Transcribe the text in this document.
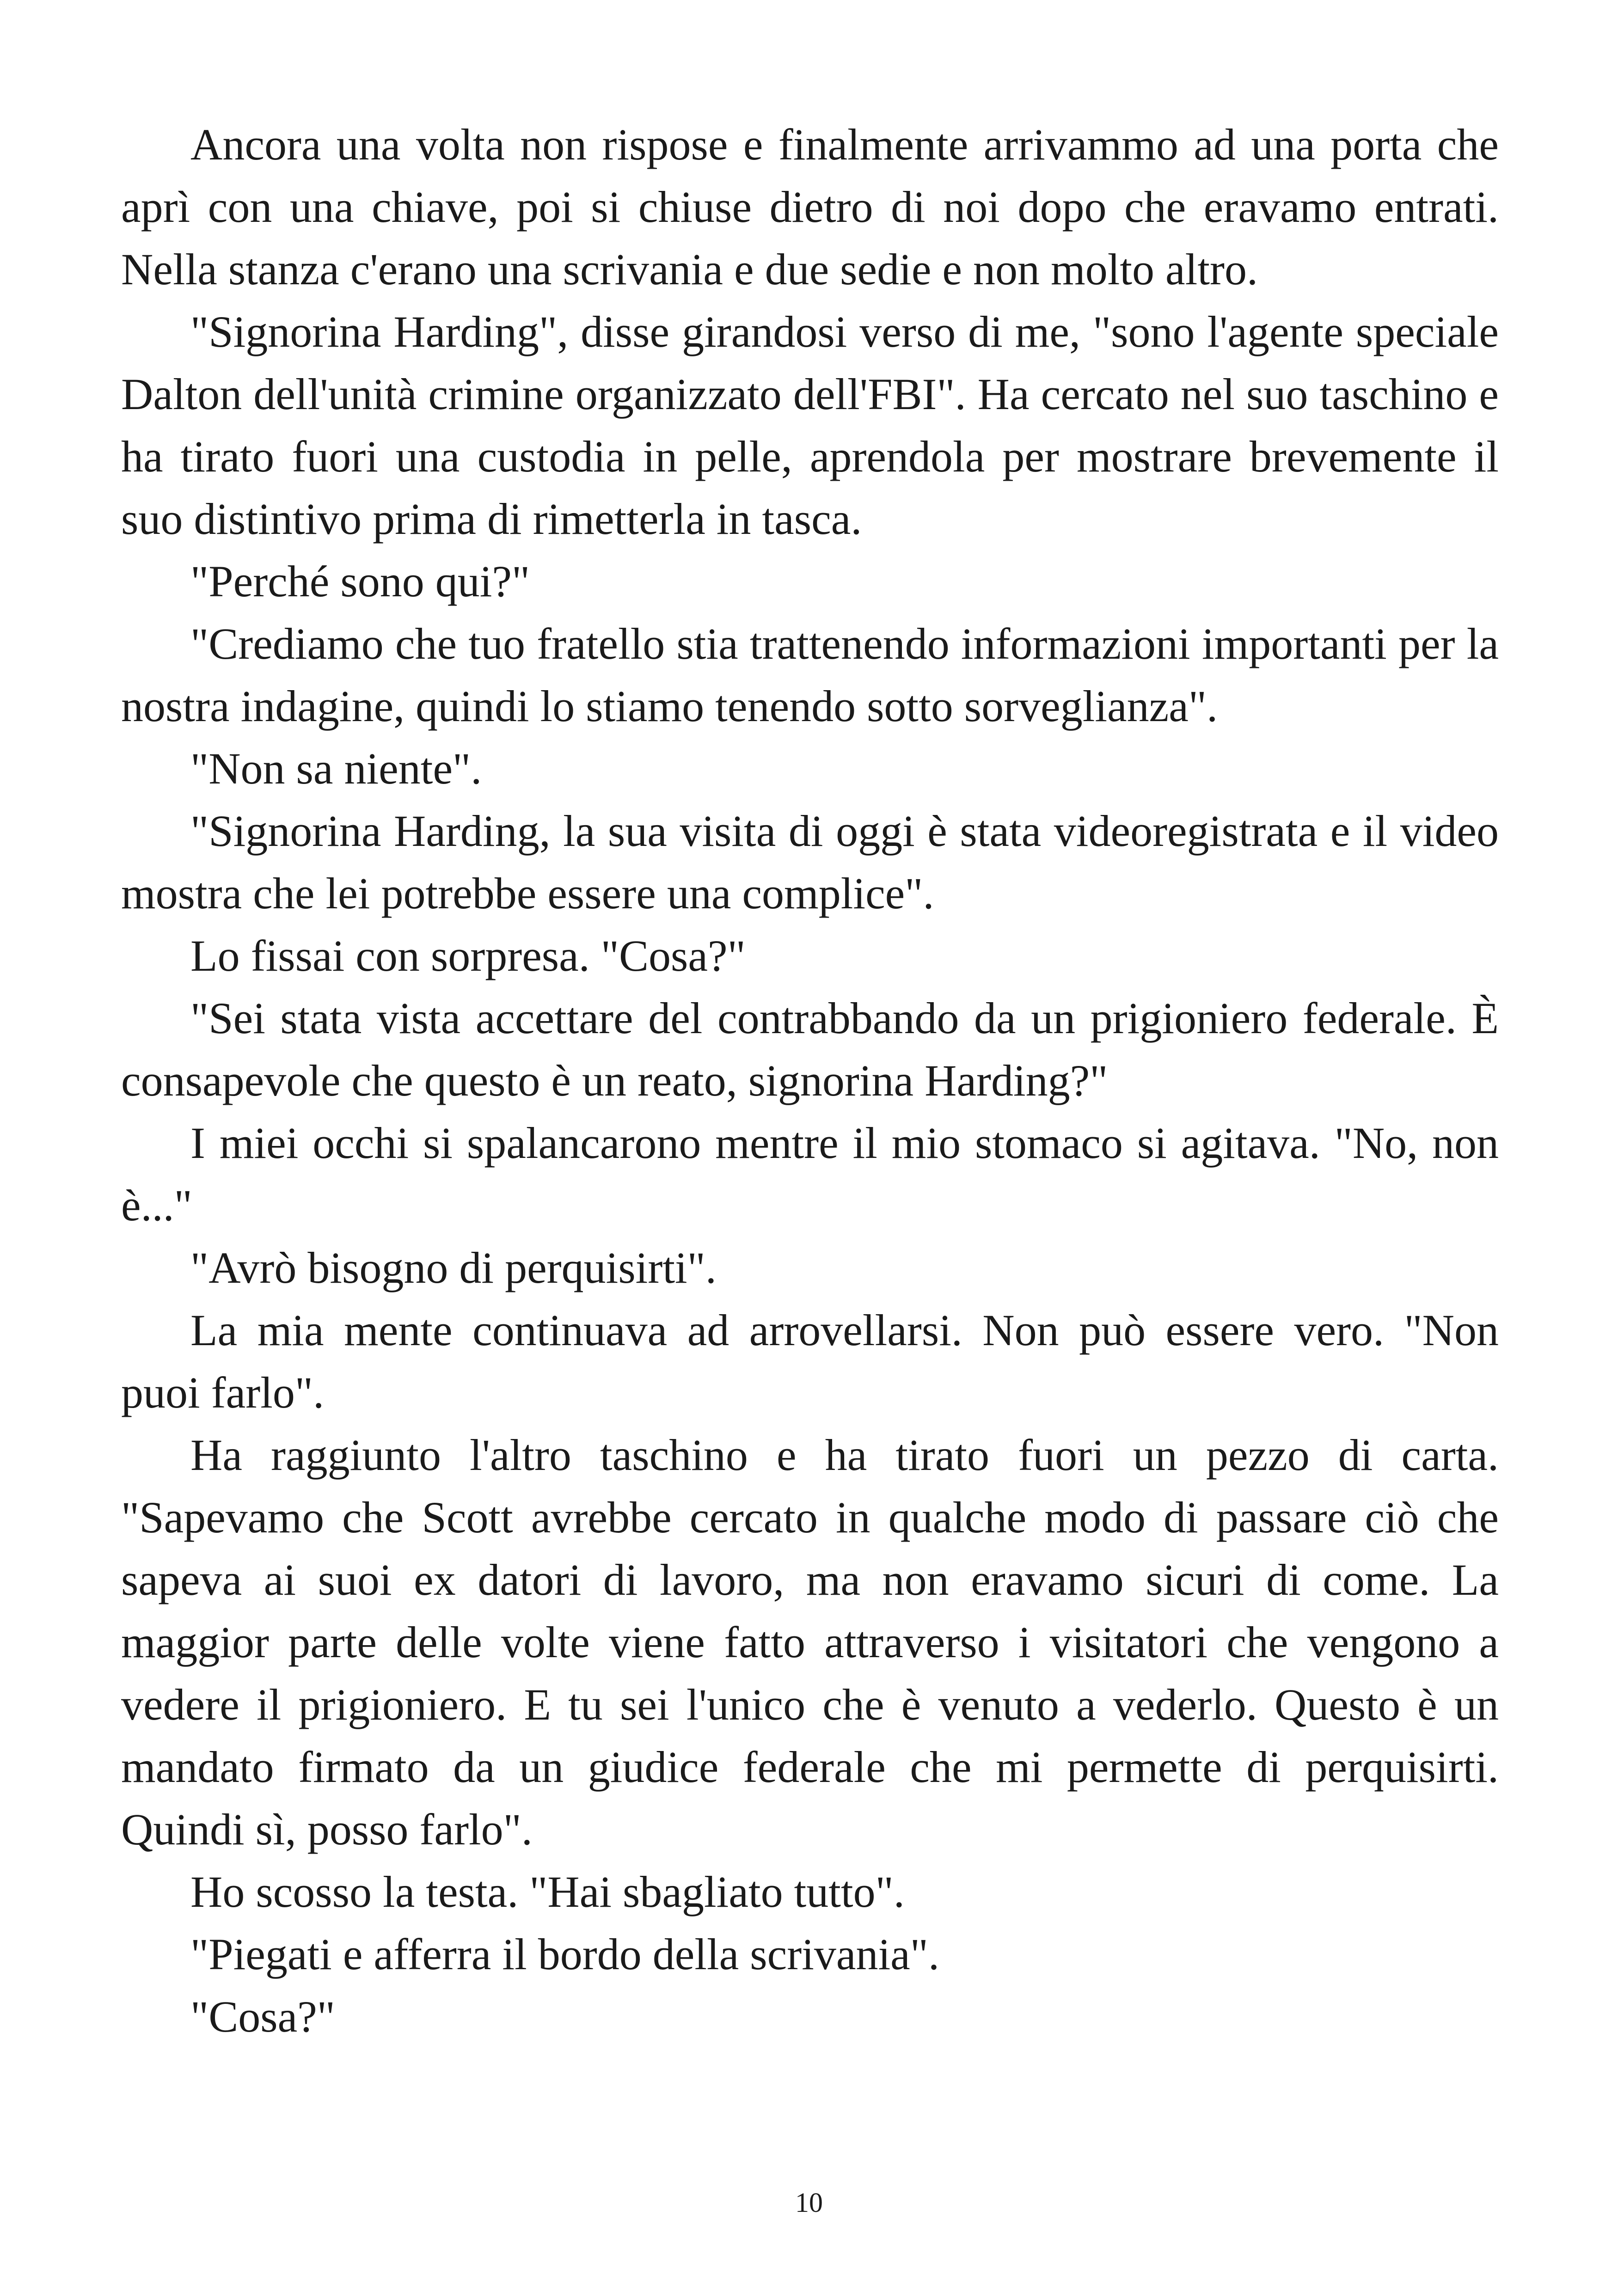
Ancora una volta non rispose e finalmente arrivammo ad una porta che aprì con una chiave, poi si chiuse dietro di noi dopo che eravamo entrati. Nella stanza c'erano una scrivania e due sedie e non molto altro.

"Signorina Harding", disse girandosi verso di me, "sono l'agente speciale Dalton dell'unità crimine organizzato dell'FBI". Ha cercato nel suo taschino e ha tirato fuori una custodia in pelle, aprendola per mostrare brevemente il suo distintivo prima di rimetterla in tasca.

"Perché sono qui?"

"Crediamo che tuo fratello stia trattenendo informazioni importanti per la nostra indagine, quindi lo stiamo tenendo sotto sorveglianza".

"Non sa niente".

"Signorina Harding, la sua visita di oggi è stata videoregistrata e il video mostra che lei potrebbe essere una complice".

Lo fissai con sorpresa. "Cosa?"

"Sei stata vista accettare del contrabbando da un prigioniero federale. È consapevole che questo è un reato, signorina Harding?"

I miei occhi si spalancarono mentre il mio stomaco si agitava. "No, non è..."

"Avrò bisogno di perquisirti".

La mia mente continuava ad arrovellarsi. Non può essere vero. "Non puoi farlo".

Ha raggiunto l'altro taschino e ha tirato fuori un pezzo di carta. "Sapevamo che Scott avrebbe cercato in qualche modo di passare ciò che sapeva ai suoi ex datori di lavoro, ma non eravamo sicuri di come. La maggior parte delle volte viene fatto attraverso i visitatori che vengono a vedere il prigioniero. E tu sei l'unico che è venuto a vederlo. Questo è un mandato firmato da un giudice federale che mi permette di perquisirti. Quindi sì, posso farlo".

Ho scosso la testa. "Hai sbagliato tutto".

"Piegati e afferra il bordo della scrivania".

"Cosa?"

10
